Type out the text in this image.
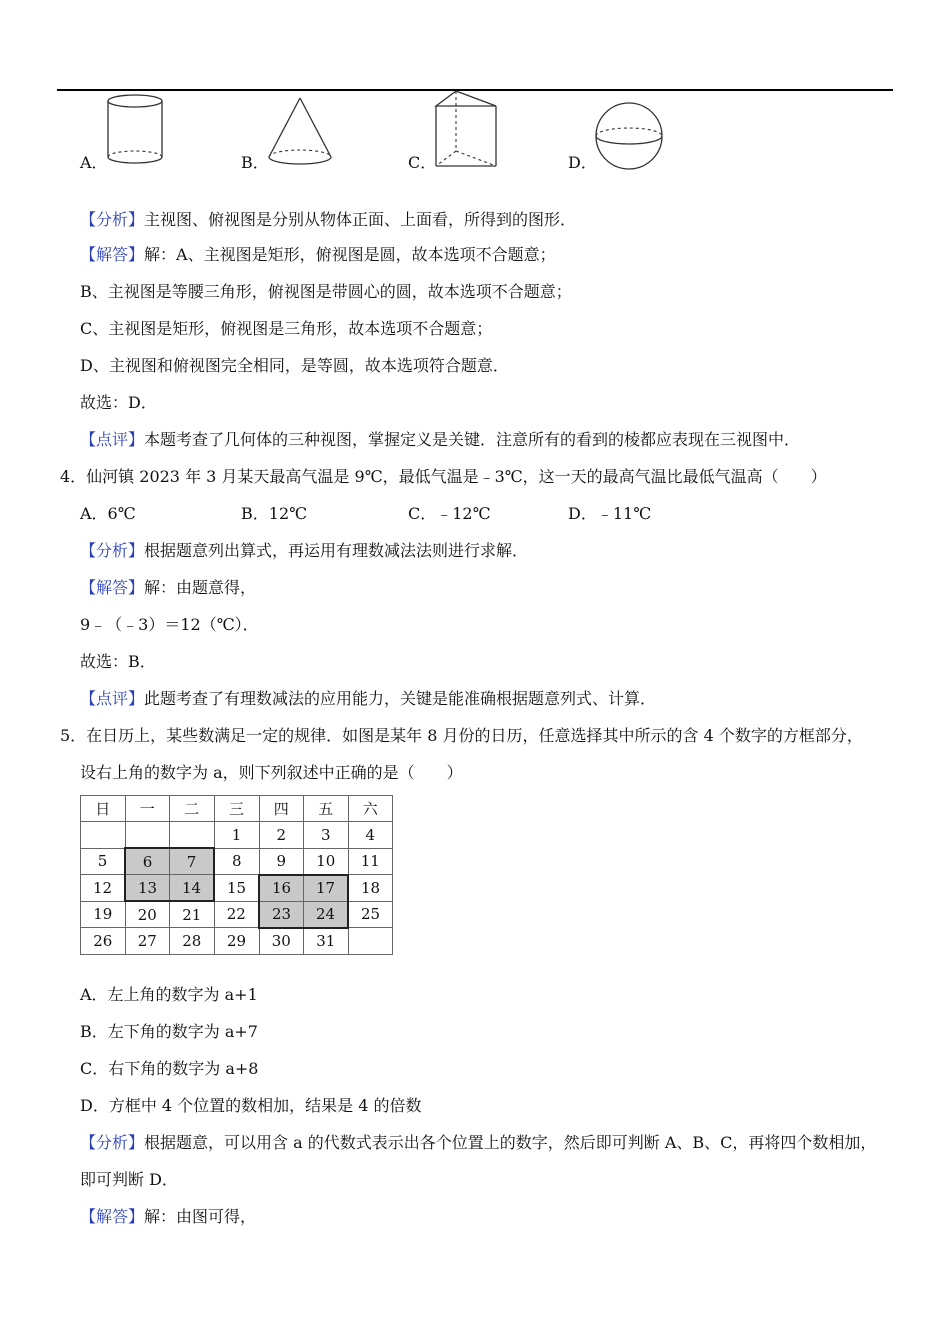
A．	B．	C．	D．
【分析】主视图、俯视图是分别从物体正面、上面看，所得到的图形．
【解答】解：A、主视图是矩形，俯视图是圆，故本选项不合题意；
B、主视图是等腰三角形，俯视图是带圆心的圆，故本选项不合题意；
C、主视图是矩形，俯视图是三角形，故本选项不合题意；
D、主视图和俯视图完全相同，是等圆，故本选项符合题意．
故选：D．
【点评】本题考查了几何体的三种视图，掌握定义是关键．注意所有的看到的棱都应表现在三视图中．
4．仙河镇 2023 年 3 月某天最高气温是 9℃，最低气温是﹣3℃，这一天的最高气温比最低气温高（　　）
A．6℃	B．12℃	C．﹣12℃	D．﹣11℃
【分析】根据题意列出算式，再运用有理数减法法则进行求解．
【解答】解：由题意得，
9﹣（﹣3）＝12（℃）．
故选：B．
【点评】此题考查了有理数减法的应用能力，关键是能准确根据题意列式、计算．
5．在日历上，某些数满足一定的规律．如图是某年 8 月份的日历，任意选择其中所示的含 4 个数字的方框部分，
设右上角的数字为 a，则下列叙述中正确的是（　　）
日	一	二	三	四	五	六
			1	2	3	4
5	6	7	8	9	10	11
12	13	14	15	16	17	18
19	20	21	22	23	24	25
26	27	28	29	30	31	
A．左上角的数字为 a+1
B．左下角的数字为 a+7
C．右下角的数字为 a+8
D．方框中 4 个位置的数相加，结果是 4 的倍数
【分析】根据题意，可以用含 a 的代数式表示出各个位置上的数字，然后即可判断 A、B、C，再将四个数相加，
即可判断 D．
【解答】解：由图可得，
